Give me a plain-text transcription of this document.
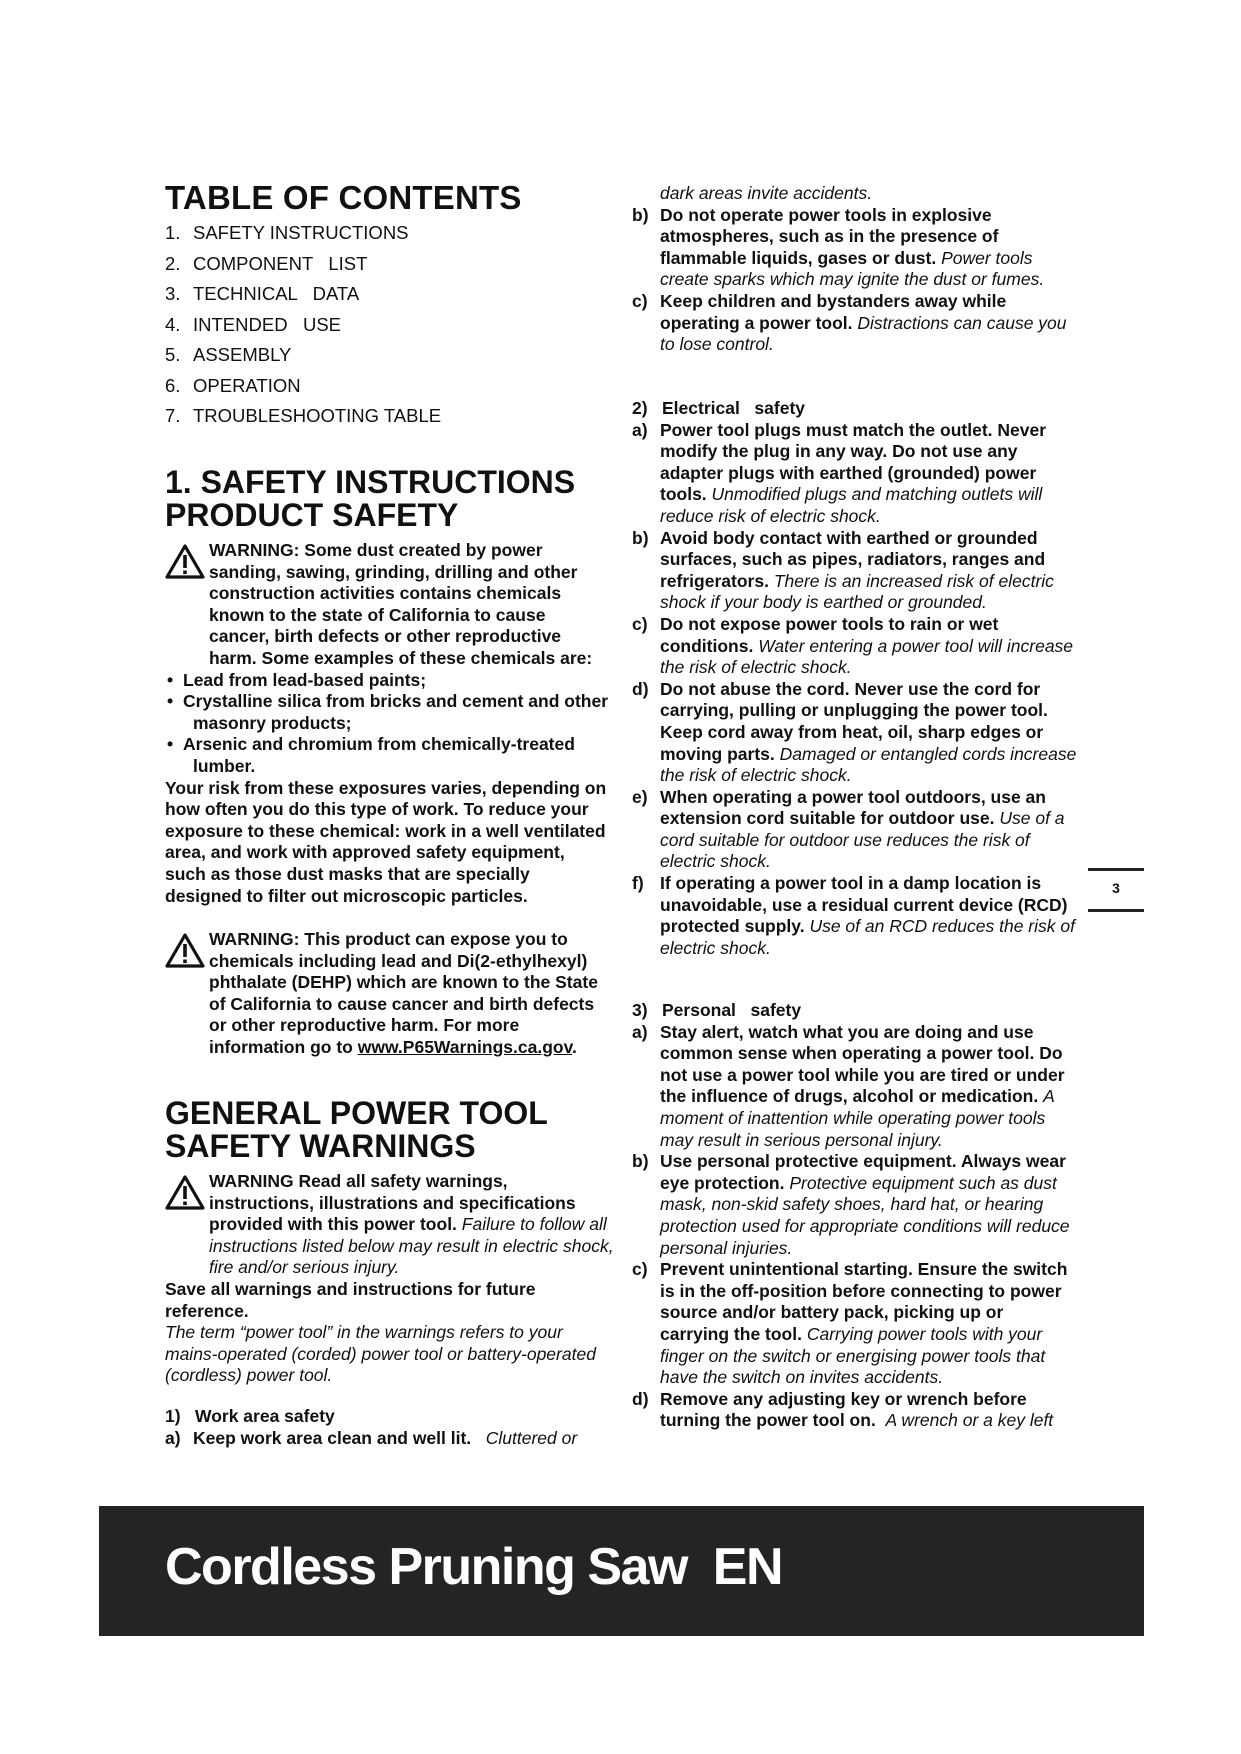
TABLE OF CONTENTS
1. SAFETY INSTRUCTIONS
2. COMPONENT   LIST
3. TECHNICAL   DATA
4. INTENDED   USE
5. ASSEMBLY
6. OPERATION
7. TROUBLESHOOTING TABLE
1. SAFETY INSTRUCTIONS
PRODUCT SAFETY
WARNING: Some dust created by power sanding, sawing, grinding, drilling and other construction activities contains chemicals known to the state of California to cause cancer, birth defects or other reproductive harm. Some examples of these chemicals are:
• Lead from lead-based paints;
• Crystalline silica from bricks and cement and other masonry products;
• Arsenic and chromium from chemically-treated lumber.
Your risk from these exposures varies, depending on how often you do this type of work. To reduce your exposure to these chemical: work in a well ventilated area, and work with approved safety equipment, such as those dust masks that are specially designed to filter out microscopic particles.
WARNING: This product can expose you to chemicals including lead and Di(2-ethylhexyl) phthalate (DEHP) which are known to the State of California to cause cancer and birth defects or other reproductive harm. For more information go to www.P65Warnings.ca.gov.
GENERAL POWER TOOL
SAFETY WARNINGS
WARNING Read all safety warnings, instructions, illustrations and specifications provided with this power tool. Failure to follow all instructions listed below may result in electric shock, fire and/or serious injury.
Save all warnings and instructions for future reference.
The term “power tool” in the warnings refers to your mains-operated (corded) power tool or battery-operated (cordless) power tool.
1) Work area safety
a) Keep work area clean and well lit. Cluttered or
dark areas invite accidents.
b) Do not operate power tools in explosive atmospheres, such as in the presence of flammable liquids, gases or dust. Power tools create sparks which may ignite the dust or fumes.
c) Keep children and bystanders away while operating a power tool. Distractions can cause you to lose control.
2) Electrical   safety
a) Power tool plugs must match the outlet. Never modify the plug in any way. Do not use any adapter plugs with earthed (grounded) power tools. Unmodified plugs and matching outlets will reduce risk of electric shock.
b) Avoid body contact with earthed or grounded surfaces, such as pipes, radiators, ranges and refrigerators. There is an increased risk of electric shock if your body is earthed or grounded.
c) Do not expose power tools to rain or wet conditions. Water entering a power tool will increase the risk of electric shock.
d) Do not abuse the cord. Never use the cord for carrying, pulling or unplugging the power tool. Keep cord away from heat, oil, sharp edges or moving parts. Damaged or entangled cords increase the risk of electric shock.
e) When operating a power tool outdoors, use an extension cord suitable for outdoor use. Use of a cord suitable for outdoor use reduces the risk of electric shock.
f) If operating a power tool in a damp location is unavoidable, use a residual current device (RCD) protected supply. Use of an RCD reduces the risk of electric shock.
3) Personal   safety
a) Stay alert, watch what you are doing and use common sense when operating a power tool. Do not use a power tool while you are tired or under the influence of drugs, alcohol or medication. A moment of inattention while operating power tools may result in serious personal injury.
b) Use personal protective equipment. Always wear eye protection. Protective equipment such as dust mask, non-skid safety shoes, hard hat, or hearing protection used for appropriate conditions will reduce personal injuries.
c) Prevent unintentional starting. Ensure the switch is in the off-position before connecting to power source and/or battery pack, picking up or carrying the tool. Carrying power tools with your finger on the switch or energising power tools that have the switch on invites accidents.
d) Remove any adjusting key or wrench before turning the power tool on. A wrench or a key left
3
Cordless Pruning Saw  EN
